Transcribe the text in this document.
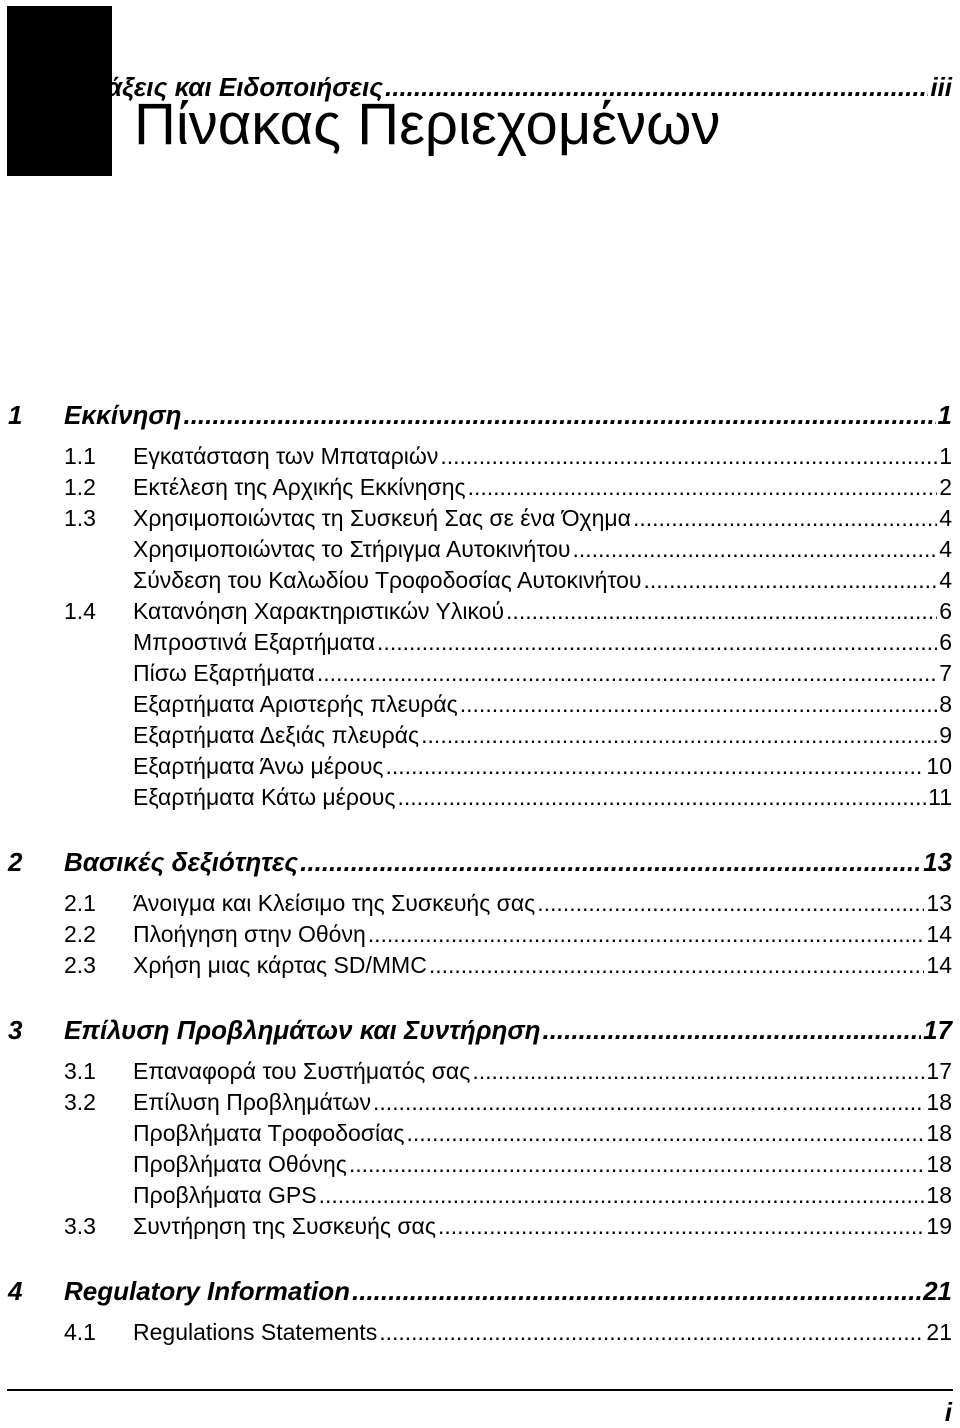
Πίνακας Περιεχομένων
Προφυλάξεις και Ειδοποιήσεις .....	iii
1 Εκκίνηση .....	1
1.1 Εγκατάσταση των Μπαταριών .....	1
1.2 Εκτέλεση της Αρχικής Εκκίνησης .....	2
1.3 Χρησιμοποιώντας τη Συσκευή Σας σε ένα Όχημα .....	4
Χρησιμοποιώντας το Στήριγμα Αυτοκινήτου .....	4
Σύνδεση του Καλωδίου Τροφοδοσίας Αυτοκινήτου .....	4
1.4 Κατανόηση Χαρακτηριστικών Υλικού .....	6
Μπροστινά Εξαρτήματα .....	6
Πίσω Εξαρτήματα .....	7
Εξαρτήματα Αριστερής πλευράς .....	8
Εξαρτήματα Δεξιάς πλευράς .....	9
Εξαρτήματα Άνω μέρους .....	10
Εξαρτήματα Κάτω μέρους .....	11
2 Βασικές δεξιότητες .....	13
2.1 Άνοιγμα και Κλείσιμο της Συσκευής σας .....	13
2.2 Πλοήγηση στην Οθόνη .....	14
2.3 Χρήση μιας κάρτας SD/MMC .....	14
3 Επίλυση Προβλημάτων και Συντήρηση .....	17
3.1 Επαναφορά του Συστήματός σας .....	17
3.2 Επίλυση Προβλημάτων .....	18
Προβλήματα Τροφοδοσίας .....	18
Προβλήματα Οθόνης .....	18
Προβλήματα GPS .....	18
3.3 Συντήρηση της Συσκευής σας .....	19
4 Regulatory Information .....	21
4.1 Regulations Statements .....	21
i
